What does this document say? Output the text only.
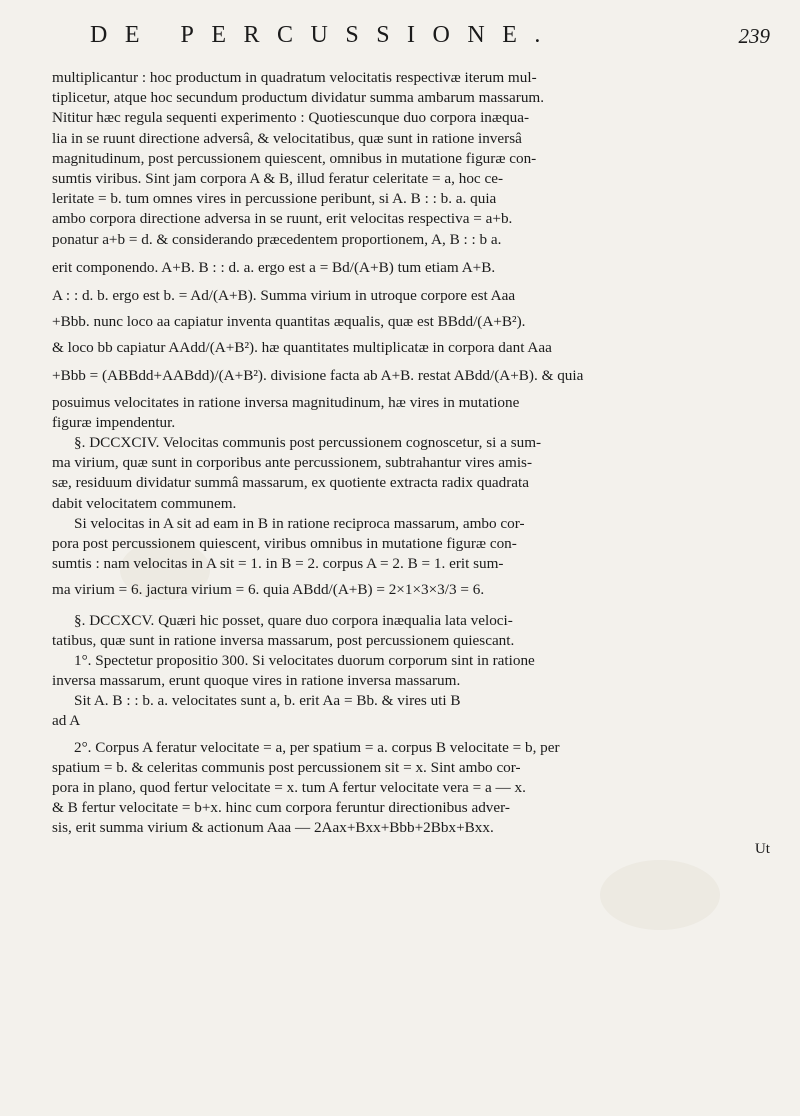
DE PERCUSSIONE.	239
multiplicantur : hoc productum in quadratum velocitatis respectivæ iterum mul-
tiplicetur, atque hoc secundum productum dividatur summa ambarum massarum.
Nititur hæc regula sequenti experimento : Quotiescunque duo corpora inæqua-
lia in se ruunt directione adversâ, & velocitatibus, quæ sunt in ratione inversâ
magnitudinum, post percussionem quiescent, omnibus in mutatione figuræ con-
sumtis viribus. Sint jam corpora A & B, illud feratur celeritate = a, hoc ce-
leritate = b. tum omnes vires in percussione peribunt, si A. B : : b. a. quia
ambo corpora directione adversa in se ruunt, erit velocitas respectiva = a+b.
ponatur a+b = d. & considerando præcedentem proportionem, A, B : : b a.
erit componendo. A+B. B : : d. a. ergo est a = Bd/(A+B) tum etiam A+B.
A : : d. b. ergo est b. = Ad/(A+B). Summa virium in utroque corpore est Aaa
+Bbb. nunc loco aa capiatur inventa quantitas æqualis, quæ est BBdd/(A+B²).
& loco bb capiatur AAdd/(A+B²). hæ quantitates multiplicatæ in corpora dant Aaa
+Bbb = (ABBdd+AABdd)/(A+B²). divisione facta ab A+B. restat ABdd/(A+B). & quia
posuimus velocitates in ratione inversa magnitudinum, hæ vires in mutatione
figuræ impendentur.
§. DCCXCIV. Velocitas communis post percussionem cognoscetur, si a sum-
ma virium, quæ sunt in corporibus ante percussionem, subtrahantur vires amis-
sæ, residuum dividatur summâ massarum, ex quotiente extracta radix quadrata
dabit velocitatem communem.
Si velocitas in A sit ad eam in B in ratione reciproca massarum, ambo cor-
pora post percussionem quiescent, viribus omnibus in mutatione figuræ con-
sumtis : nam velocitas in A sit = 1. in B = 2. corpus A = 2. B = 1. erit sum-
ma virium = 6. jactura virium = 6. quia ABdd/(A+B) = 2×1×3×3/3 = 6.
§. DCCXCV. Quæri hic posset, quare duo corpora inæqualia lata veloci-
tatibus, quæ sunt in ratione inversa massarum, post percussionem quiescant.
1°. Spectetur propositio 300. Si velocitates duorum corporum sint in ratione
inversa massarum, erunt quoque vires in ratione inversa massarum.
Sit A. B : : b. a. velocitates sunt a, b. erit Aa = Bb. & vires uti B
ad A
2°. Corpus A feratur velocitate = a, per spatium = a. corpus B velocitate = b, per
spatium = b. & celeritas communis post percussionem sit = x. Sint ambo cor-
pora in plano, quod fertur velocitate = x. tum A fertur velocitate vera = a — x.
& B fertur velocitate = b+x. hinc cum corpora feruntur directionibus adver-
sis, erit summa virium & actionum Aaa — 2Aax+Bxx+Bbb+2Bbx+Bxx.
Ut
